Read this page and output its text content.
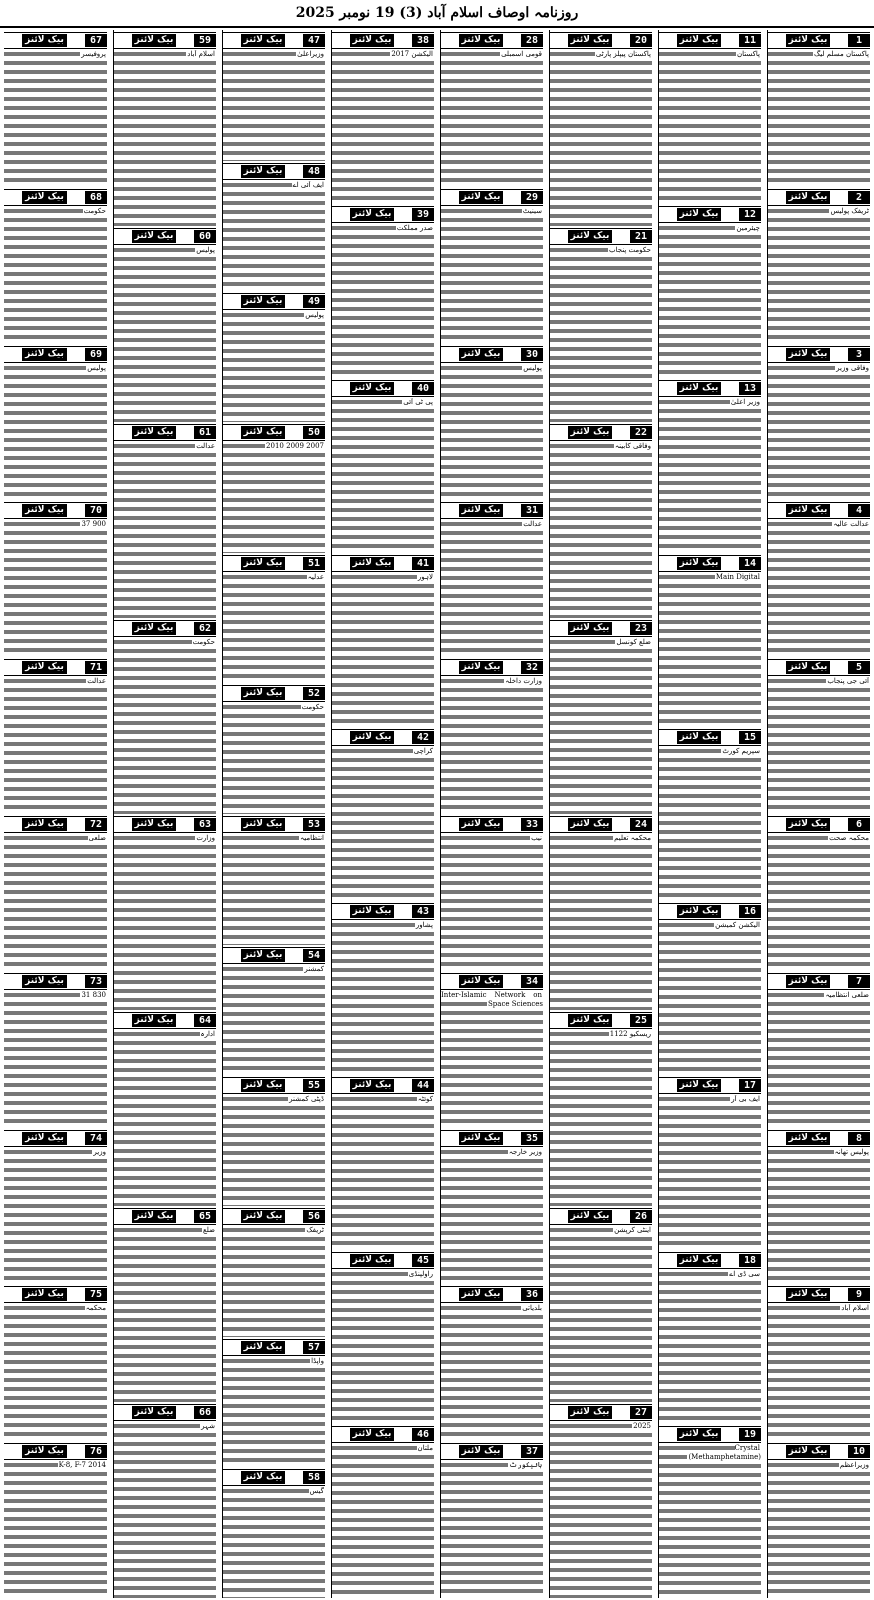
روزنامہ اوصاف اسلام آباد (3) 19 نومبر 2025
1
بیک لائنز
پاکستان مسلم لیگ
2
بیک لائنز
ٹریفک پولیس
3
بیک لائنز
وفاقی وزیر
4
بیک لائنز
عدالت عالیہ
5
بیک لائنز
آئی جی پنجاب
6
بیک لائنز
محکمہ صحت
7
بیک لائنز
ضلعی انتظامیہ
8
بیک لائنز
پولیس تھانہ
9
بیک لائنز
اسلام آباد
10
بیک لائنز
وزیراعظم
11
بیک لائنز
پاکستان
12
بیک لائنز
چیئرمین
13
بیک لائنز
وزیر اعلیٰ
14
بیک لائنز
Main Digital
15
بیک لائنز
سپریم کورٹ
16
بیک لائنز
الیکشن کمیشن
17
بیک لائنز
ایف بی آر
18
بیک لائنز
سی ڈی اے
19
بیک لائنز
Crystal (Methamphetamine)
20
بیک لائنز
پاکستان پیپلز پارٹی
21
بیک لائنز
حکومت پنجاب
22
بیک لائنز
وفاقی کابینہ
23
بیک لائنز
ضلع کونسل
24
بیک لائنز
محکمہ تعلیم
25
بیک لائنز
ریسکیو 1122
26
بیک لائنز
اینٹی کرپشن
27
بیک لائنز
2025
28
بیک لائنز
قومی اسمبلی
29
بیک لائنز
سینیٹ
30
بیک لائنز
پولیس
31
بیک لائنز
عدالت
32
بیک لائنز
وزارت داخلہ
33
بیک لائنز
نیب
34
بیک لائنز
Inter-Islamic Network on Space Sciences
35
بیک لائنز
وزیر خارجہ
36
بیک لائنز
بلدیاتی
37
بیک لائنز
ہائیکورٹ
38
بیک لائنز
الیکشن 2017
39
بیک لائنز
صدر مملکت
40
بیک لائنز
پی ٹی آئی
41
بیک لائنز
لاہور
42
بیک لائنز
کراچی
43
بیک لائنز
پشاور
44
بیک لائنز
کوئٹہ
45
بیک لائنز
راولپنڈی
46
بیک لائنز
ملتان
47
بیک لائنز
وزیراعلیٰ
48
بیک لائنز
ایف آئی اے
49
بیک لائنز
پولیس
50
بیک لائنز
2007 2009 2010
51
بیک لائنز
عدلیہ
52
بیک لائنز
حکومت
53
بیک لائنز
انتظامیہ
54
بیک لائنز
کمشنر
55
بیک لائنز
ڈپٹی کمشنر
56
بیک لائنز
ٹریفک
57
بیک لائنز
واپڈا
58
بیک لائنز
گیس
59
بیک لائنز
اسلام آباد
60
بیک لائنز
پولیس
61
بیک لائنز
عدالت
62
بیک لائنز
حکومت
63
بیک لائنز
وزارت
64
بیک لائنز
ادارہ
65
بیک لائنز
ضلع
66
بیک لائنز
شہر
67
بیک لائنز
پروفیسر
68
بیک لائنز
حکومت
69
بیک لائنز
پولیس
70
بیک لائنز
900 37
71
بیک لائنز
عدالت
72
بیک لائنز
ضلعی
73
بیک لائنز
830 31
74
بیک لائنز
وزیر
75
بیک لائنز
محکمہ
76
بیک لائنز
K-8, F-7 2014
